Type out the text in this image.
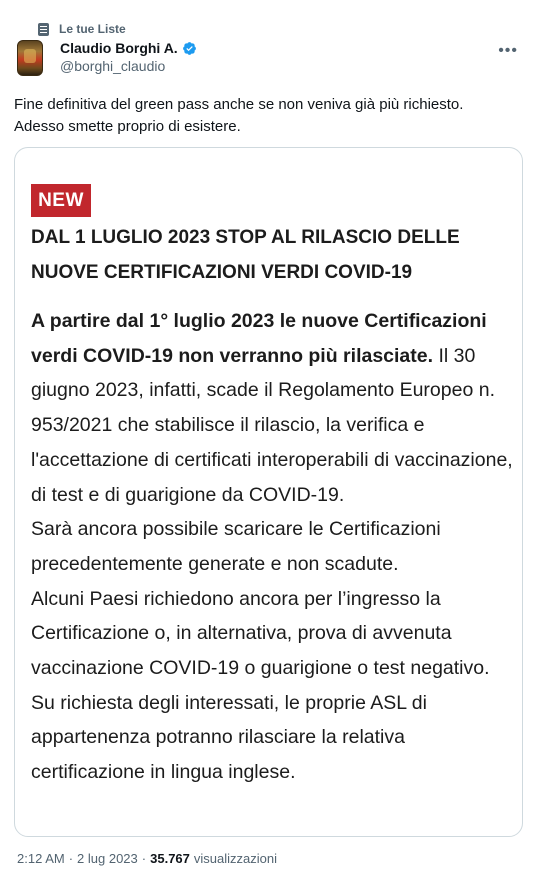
Le tue Liste
Claudio Borghi A.
@borghi_claudio
•••
Fine definitiva del green pass anche se non veniva già più richiesto.
Adesso smette proprio di esistere.
NEW
DAL 1 LUGLIO 2023 STOP AL RILASCIO DELLE
NUOVE CERTIFICAZIONI VERDI COVID-19
A partire dal 1° luglio 2023 le nuove Certificazioni verdi COVID-19 non verranno più rilasciate. Il 30 giugno 2023, infatti, scade il Regolamento Europeo n. 953/2021 che stabilisce il rilascio, la verifica e l'accettazione di certificati interoperabili di vaccinazione, di test e di guarigione da COVID-19.
Sarà ancora possibile scaricare le Certificazioni precedentemente generate e non scadute.
Alcuni Paesi richiedono ancora per l’ingresso la Certificazione o, in alternativa, prova di avvenuta vaccinazione COVID-19 o guarigione o test negativo. Su richiesta degli interessati, le proprie ASL di appartenenza potranno rilasciare la relativa certificazione in lingua inglese.
2:12 AM · 2 lug 2023 · 35.767 visualizzazioni
